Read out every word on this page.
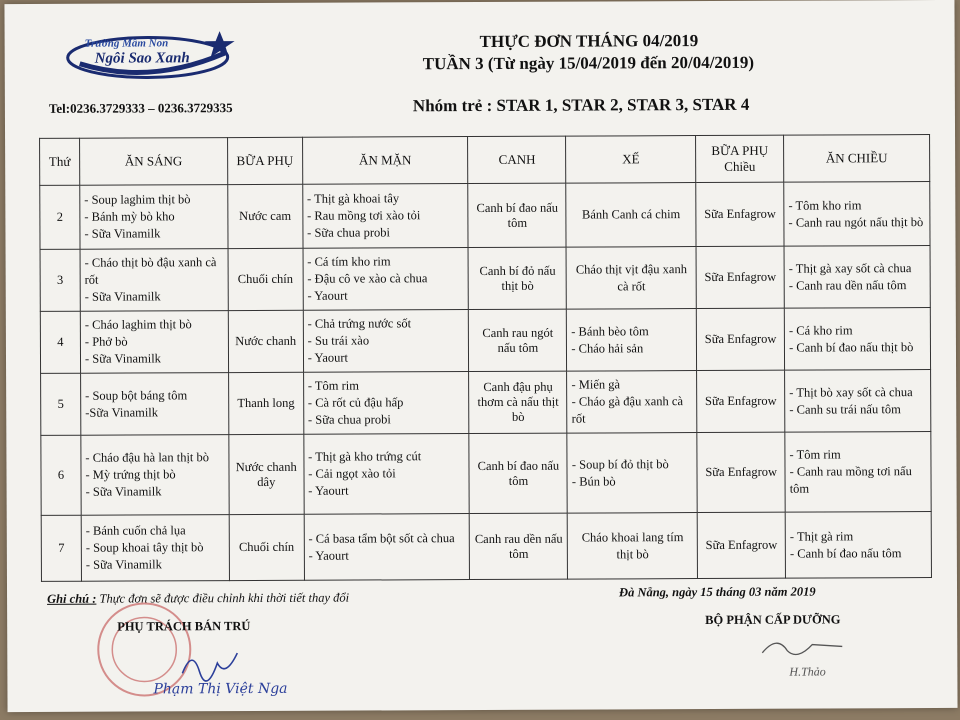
Trường Mầm Non
Ngôi Sao Xanh
THỰC ĐƠN THÁNG 04/2019
TUẦN 3 (Từ ngày 15/04/2019 đến 20/04/2019)
Tel:0236.3729333 – 0236.3729335	Nhóm trẻ : STAR 1, STAR 2, STAR 3, STAR 4
Thứ	ĂN SÁNG	BỮA PHỤ	ĂN MẶN	CANH	XẾ	BỮA PHỤ Chiều	ĂN CHIỀU
2	- Soup laghim thịt bò
- Bánh mỳ bò kho
- Sữa Vinamilk	Nước cam	- Thịt gà khoai tây
- Rau mồng tơi xào tỏi
- Sữa chua probi	Canh bí đao nấu tôm	Bánh Canh cá chim	Sữa Enfagrow	- Tôm kho rim
- Canh rau ngót nấu thịt bò

3	- Cháo thịt bò đậu xanh cà rốt
- Sữa Vinamilk	Chuối chín	- Cá tím kho rim
- Đậu cô ve xào cà chua
- Yaourt	Canh bí đỏ nấu thịt bò	Cháo thịt vịt đậu xanh cà rốt	Sữa Enfagrow	- Thịt gà xay sốt cà chua
- Canh rau dền nấu tôm

4	- Cháo laghim thịt bò
- Phở bò
- Sữa Vinamilk	Nước chanh	- Chả trứng nước sốt
- Su trái xào
- Yaourt	Canh rau ngót nấu tôm	- Bánh bèo tôm
- Cháo hải sản	Sữa Enfagrow	- Cá kho rim
- Canh bí đao nấu thịt bò

5	- Soup bột báng tôm
-Sữa Vinamilk	Thanh long	- Tôm rim
- Cà rốt củ đậu hấp
- Sữa chua probi	Canh đậu phụ thơm cà nấu thịt bò	- Miến gà
- Cháo gà đậu xanh cà rốt	Sữa Enfagrow	- Thịt bò xay sốt cà chua
- Canh su trái nấu tôm

6	- Cháo đậu hà lan thịt bò
- Mỳ trứng thịt bò
- Sữa Vinamilk	Nước chanh dây	- Thịt gà kho trứng cút
- Cải ngọt xào tỏi
- Yaourt	Canh bí đao nấu tôm	- Soup bí đỏ thịt bò
- Bún bò	Sữa Enfagrow	- Tôm rim
- Canh rau mồng tơi nấu tôm

7	- Bánh cuốn chả lụa
- Soup khoai tây thịt bò
- Sữa Vinamilk	Chuối chín	- Cá basa tẩm bột sốt cà chua
- Yaourt	Canh rau dền nấu tôm	Cháo khoai lang tím thịt bò	Sữa Enfagrow	- Thịt gà rim
- Canh bí đao nấu tôm
Ghi chú : Thực đơn sẽ được điều chỉnh khi thời tiết thay đổi	Đà Nẵng, ngày 15 tháng 03 năm 2019
PHỤ TRÁCH BÁN TRÚ
Phạm Thị Việt Nga
BỘ PHẬN CẤP DƯỠNG
H.Thảo
